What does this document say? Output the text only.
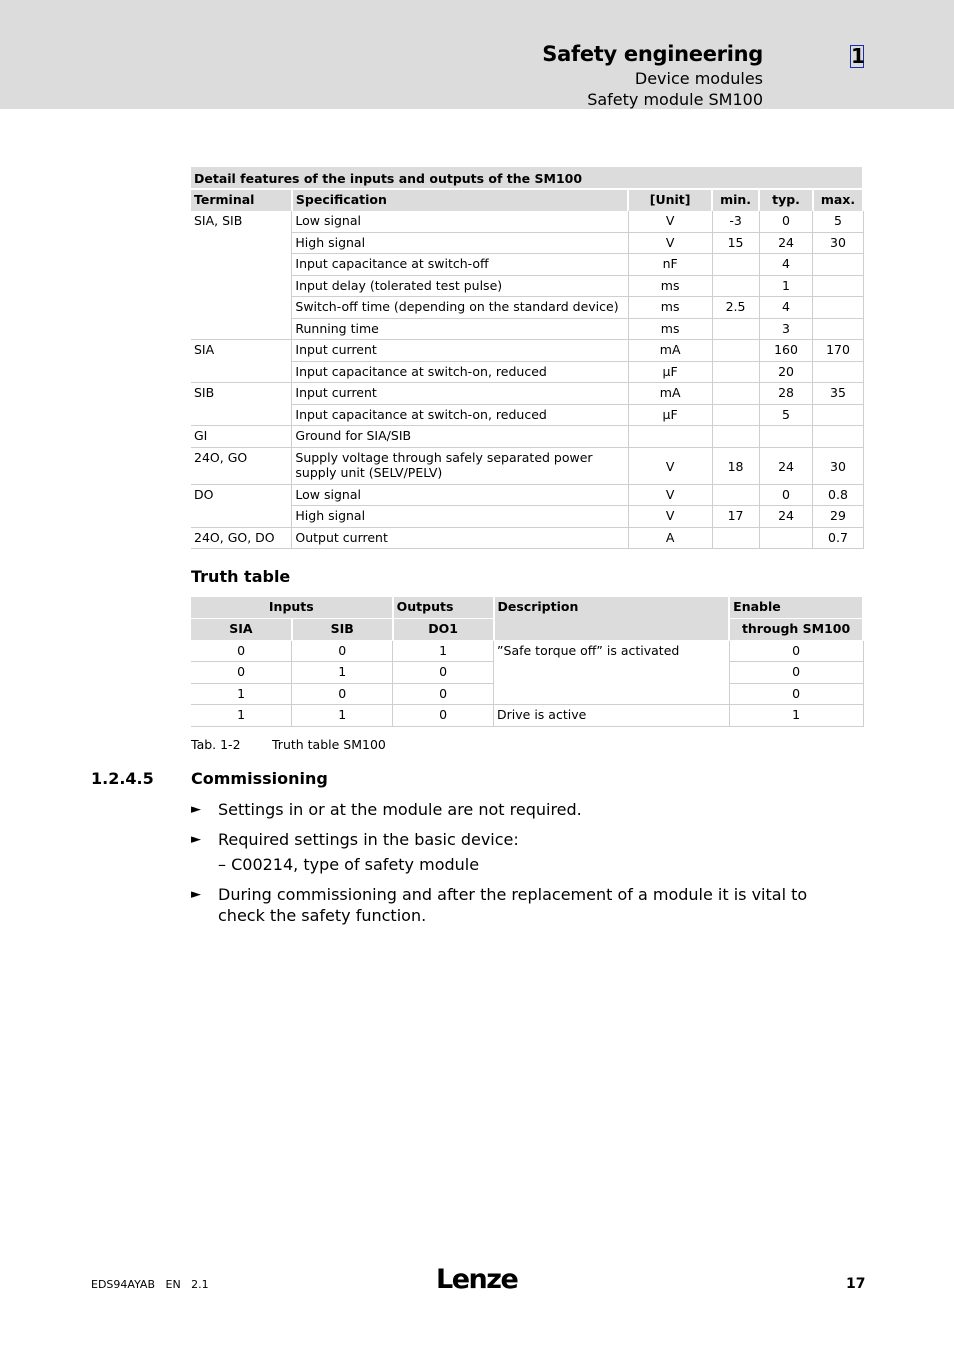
Safety engineering
Device modules
Safety module SM100
1
Detail features of the inputs and outputs of the SM100					
Terminal	Specification	[Unit]	min.	typ.	max.
SIA, SIB	Low signal	V	-3	0	5
	High signal	V	15	24	30
	Input capacitance at switch-off	nF		4	
	Input delay (tolerated test pulse)	ms		1	
	Switch-off time (depending on the standard device)	ms	2.5	4	
	Running time	ms		3	
SIA	Input current	mA		160	170
	Input capacitance at switch-on, reduced	µF		20	
SIB	Input current	mA		28	35
	Input capacitance at switch-on, reduced	µF		5	
GI	Ground for SIA/SIB				
24O, GO	Supply voltage through safely separated power supply unit (SELV/PELV)	V	18	24	30
DO	Low signal	V		0	0.8
	High signal	V	17	24	29
24O, GO, DO	Output current	A			0.7
Truth table
Inputs		Outputs	Description	Enable
SIA	SIB	DO1		through SM100
0	0	1	”Safe torque off” is activated	0
0	1	0		0
1	0	0		0
1	1	0	Drive is active	1
Tab. 1-2	Truth table SM100
1.2.4.5 Commissioning
► Settings in or at the module are not required.
► Required settings in the basic device:
– C00214, type of safety module
► During commissioning and after the replacement of a module it is vital to check the safety function.
EDS94AYAB   EN   2.1	Lenze	17
